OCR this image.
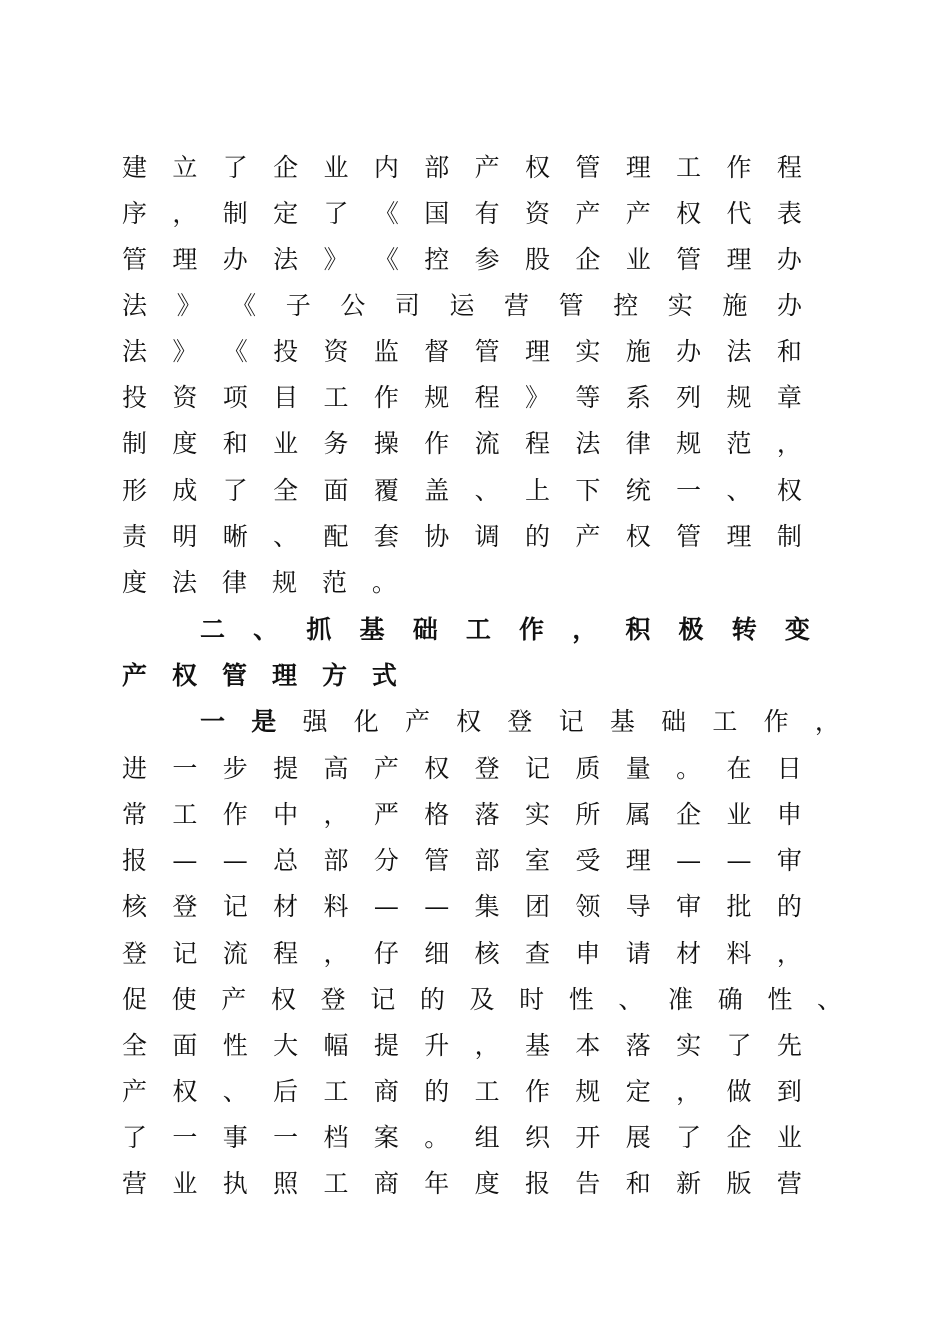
建 立 了 企 业 内 部 产 权 管 理 工 作 程
序 ， 制 定 了 《 国 有 资 产 产 权 代 表
管 理 办 法 》 《 控 参 股 企 业 管 理 办
法 》 《 子 公 司 运 营 管 控 实 施 办
法 》 《 投 资 监 督 管 理 实 施 办 法 和
投 资 项 目 工 作 规 程 》 等 系 列 规 章
制 度 和 业 务 操 作 流 程 法 律 规 范 ，
形 成 了 全 面 覆 盖 、 上 下 统 一 、 权
责 明 晰 、 配 套 协 调 的 产 权 管 理 制
度 法 律 规 范 。
二 、 抓 基 础 工 作 ， 积 极 转 变
产 权 管 理 方 式
一 是 强 化 产 权 登 记 基 础 工 作 ，
进 一 步 提 高 产 权 登 记 质 量 。 在 日
常 工 作 中 ， 严 格 落 实 所 属 企 业 申
报 — — 总 部 分 管 部 室 受 理 — — 审
核 登 记 材 料 — — 集 团 领 导 审 批 的
登 记 流 程 ， 仔 细 核 查 申 请 材 料 ，
促 使 产 权 登 记 的 及 时 性 、 准 确 性 、
全 面 性 大 幅 提 升 ， 基 本 落 实 了 先
产 权 、 后 工 商 的 工 作 规 定 ， 做 到
了 一 事 一 档 案 。 组 织 开 展 了 企 业
营 业 执 照 工 商 年 度 报 告 和 新 版 营
